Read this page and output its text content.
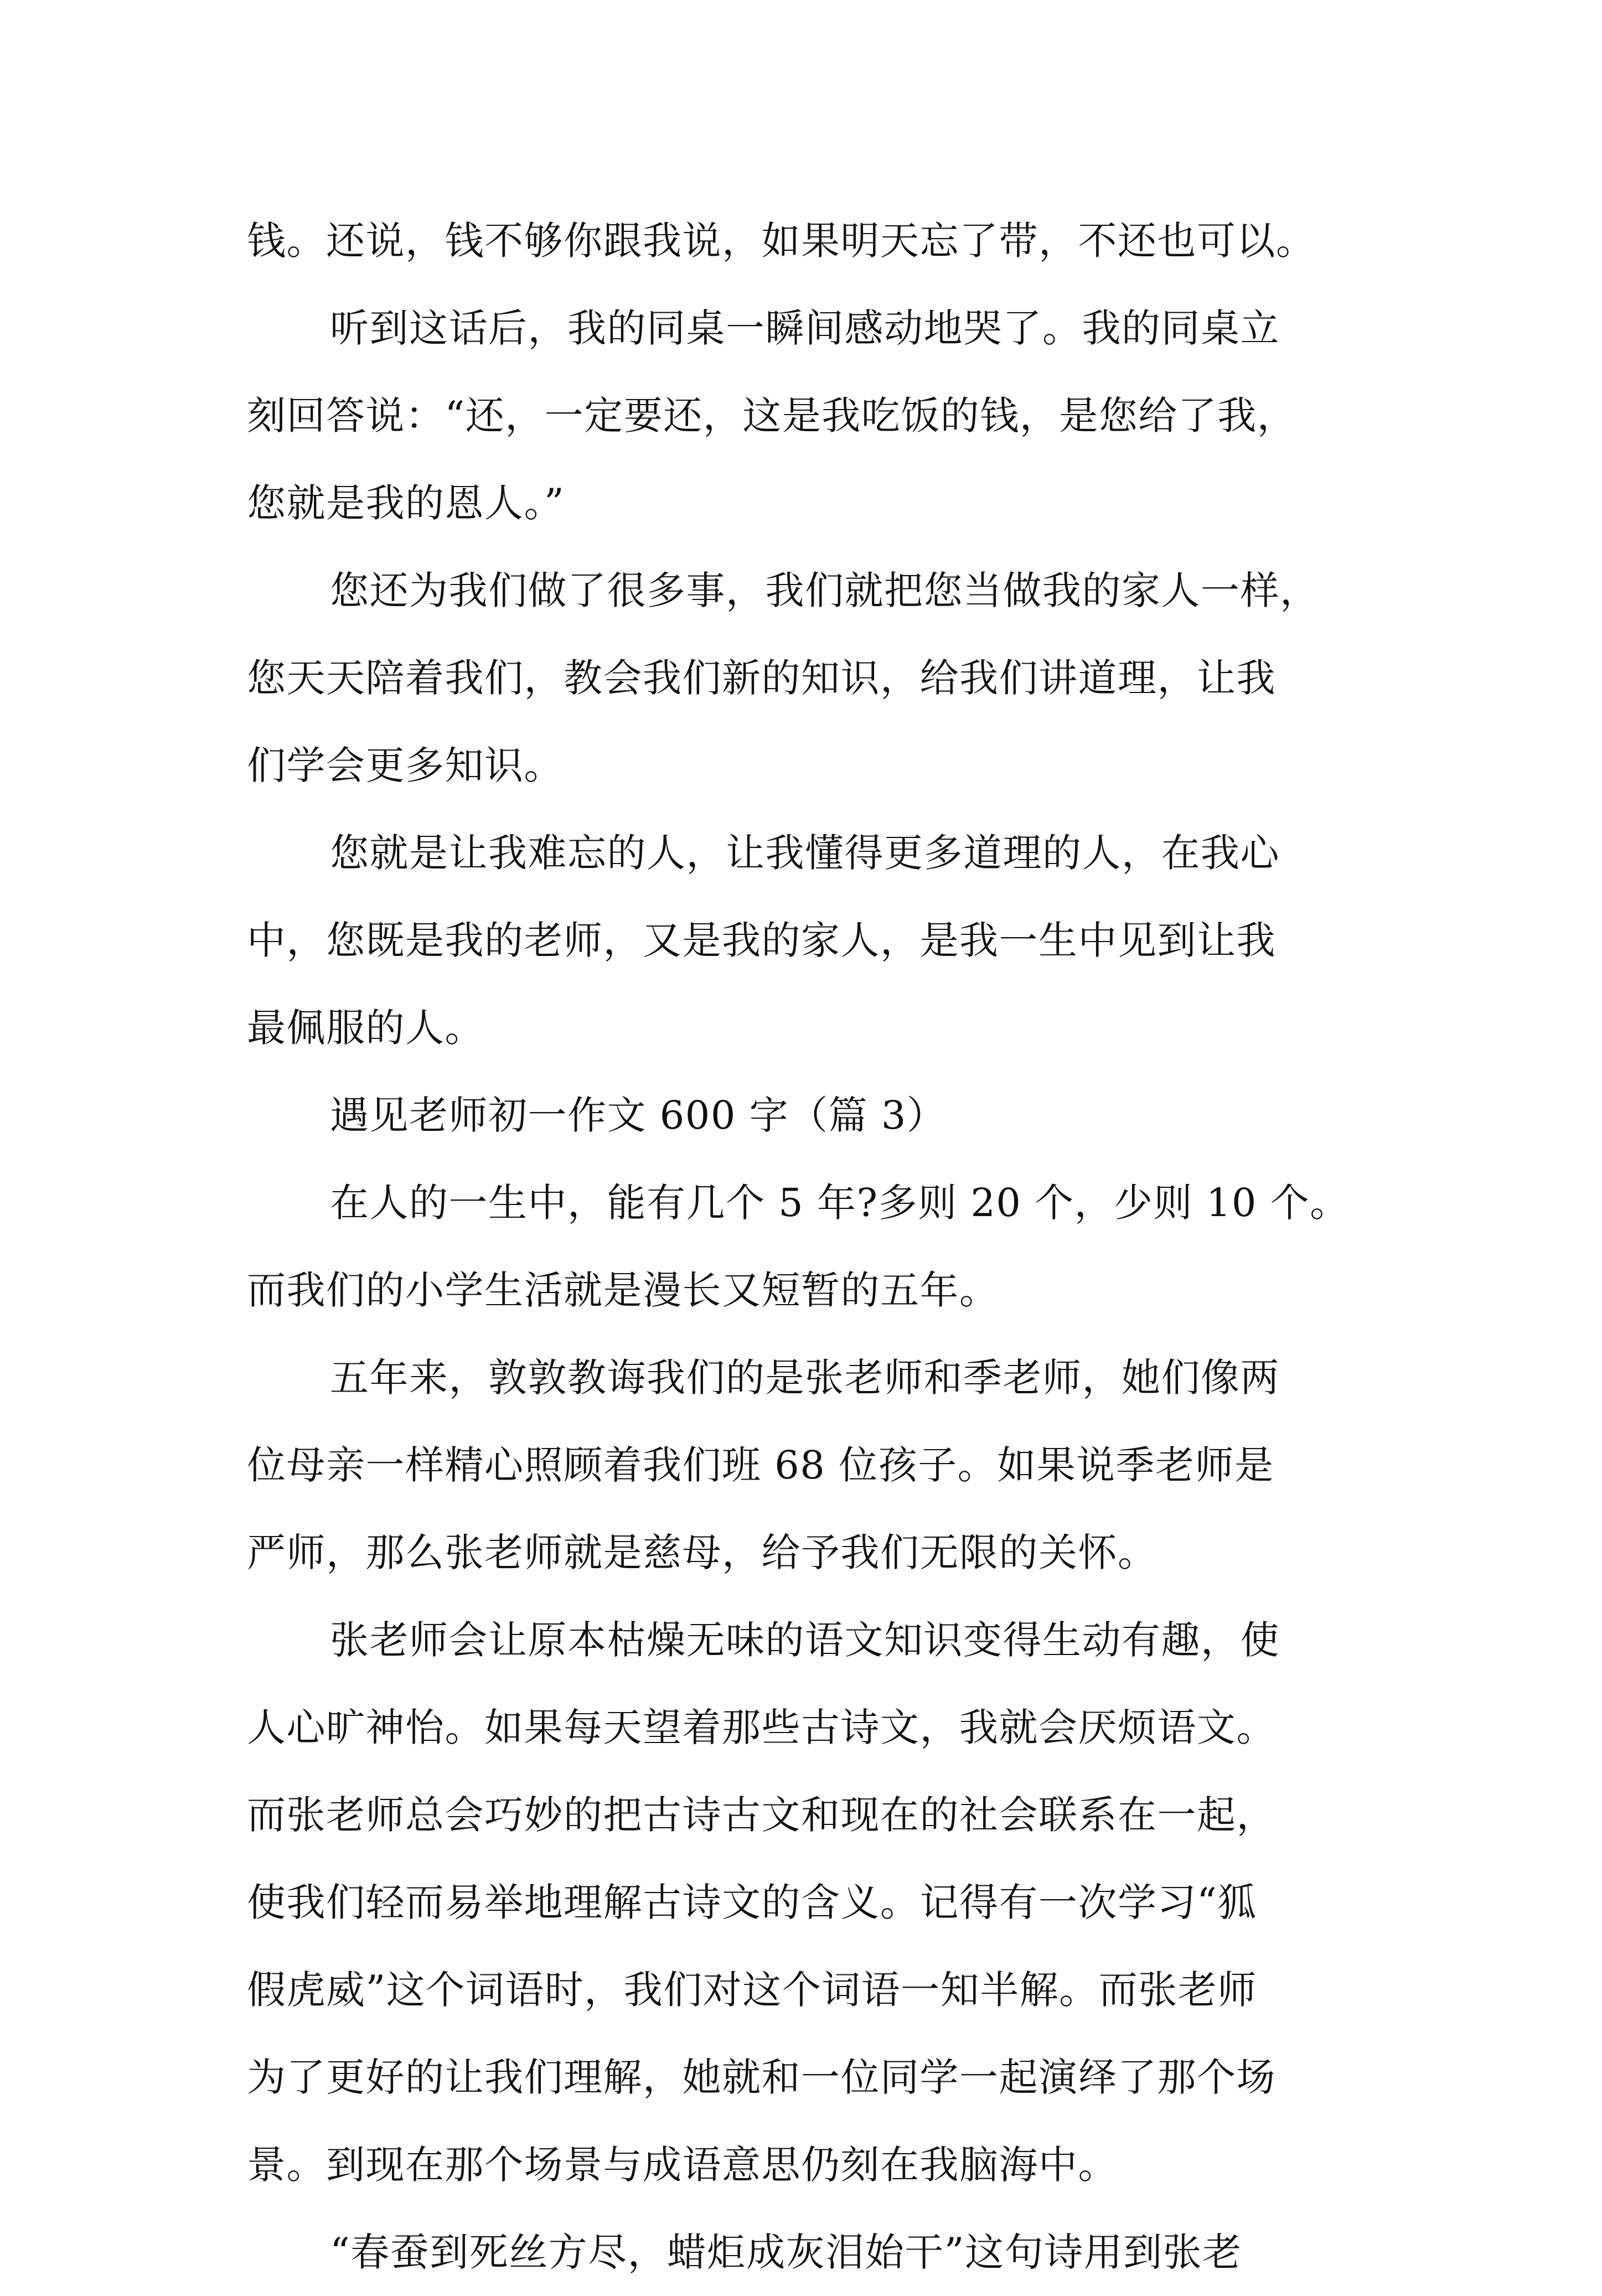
钱。还说，钱不够你跟我说，如果明天忘了带，不还也可以。
听到这话后，我的同桌一瞬间感动地哭了。我的同桌立
刻回答说：“还，一定要还，这是我吃饭的钱，是您给了我，
您就是我的恩人。”
您还为我们做了很多事，我们就把您当做我的家人一样，
您天天陪着我们，教会我们新的知识，给我们讲道理，让我
们学会更多知识。
您就是让我难忘的人，让我懂得更多道理的人，在我心
中，您既是我的老师，又是我的家人，是我一生中见到让我
最佩服的人。
遇见老师初一作文 600 字（篇 3）
在人的一生中，能有几个 5 年?多则 20 个，少则 10 个。
而我们的小学生活就是漫长又短暂的五年。
五年来，敦敦教诲我们的是张老师和季老师，她们像两
位母亲一样精心照顾着我们班 68 位孩子。如果说季老师是
严师，那么张老师就是慈母，给予我们无限的关怀。
张老师会让原本枯燥无味的语文知识变得生动有趣，使
人心旷神怡。如果每天望着那些古诗文，我就会厌烦语文。
而张老师总会巧妙的把古诗古文和现在的社会联系在一起，
使我们轻而易举地理解古诗文的含义。记得有一次学习“狐
假虎威”这个词语时，我们对这个词语一知半解。而张老师
为了更好的让我们理解，她就和一位同学一起演绎了那个场
景。到现在那个场景与成语意思仍刻在我脑海中。
“春蚕到死丝方尽，蜡炬成灰泪始干”这句诗用到张老
